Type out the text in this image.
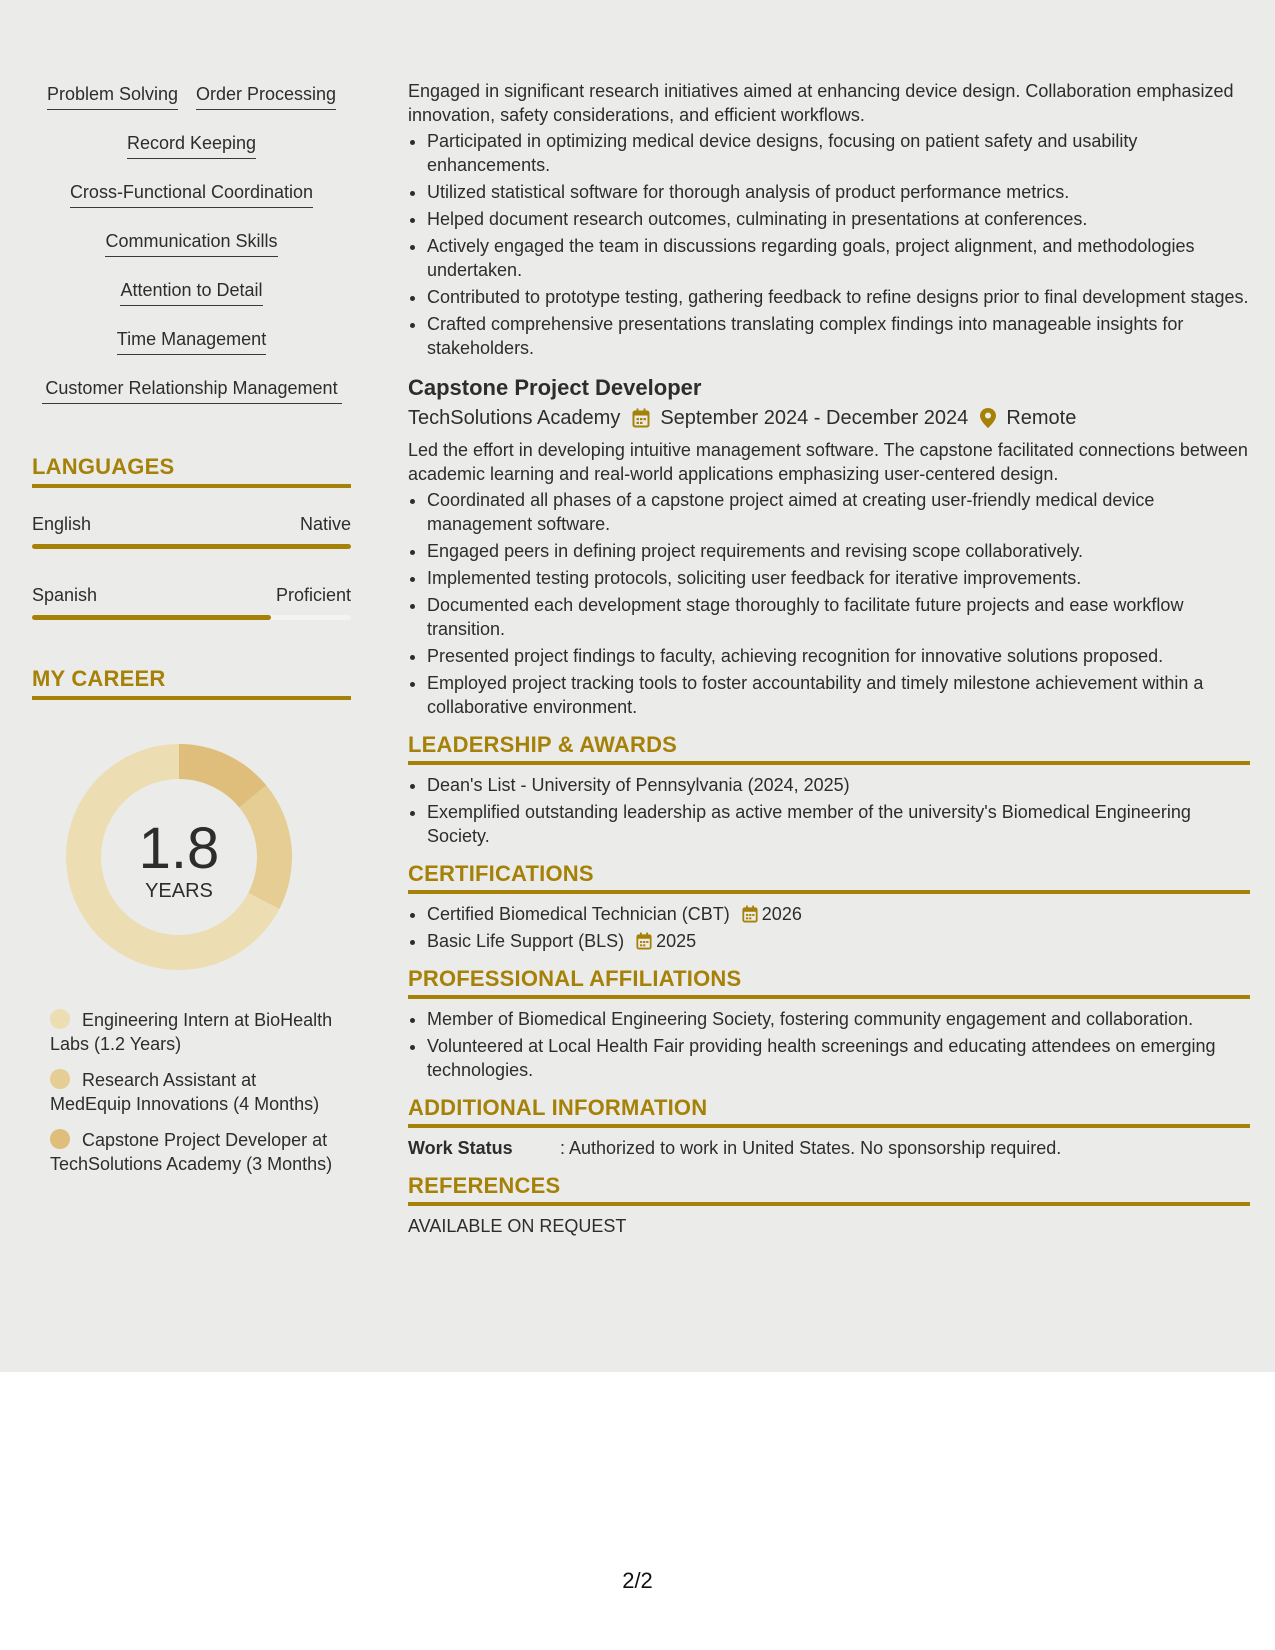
Problem Solving Order Processing
Record Keeping
Cross-Functional Coordination
Communication Skills
Attention to Detail
Time Management
Customer Relationship Management
LANGUAGES
English	Native
Spanish	Proficient
MY CAREER
1.8
YEARS
Engineering Intern at BioHealth Labs (1.2 Years)
Research Assistant at MedEquip Innovations (4 Months)
Capstone Project Developer at TechSolutions Academy (3 Months)

Engaged in significant research initiatives aimed at enhancing device design. Collaboration emphasized innovation, safety considerations, and efficient workflows.

• Participated in optimizing medical device designs, focusing on patient safety and usability enhancements.
• Utilized statistical software for thorough analysis of product performance metrics.
• Helped document research outcomes, culminating in presentations at conferences.
• Actively engaged the team in discussions regarding goals, project alignment, and methodologies undertaken.
• Contributed to prototype testing, gathering feedback to refine designs prior to final development stages.
• Crafted comprehensive presentations translating complex findings into manageable insights for stakeholders.
Capstone Project Developer
TechSolutions Academy September 2024 - December 2024 Remote

Led the effort in developing intuitive management software. The capstone facilitated connections between academic learning and real-world applications emphasizing user-centered design.

• Coordinated all phases of a capstone project aimed at creating user-friendly medical device management software.
• Engaged peers in defining project requirements and revising scope collaboratively.
• Implemented testing protocols, soliciting user feedback for iterative improvements.
• Documented each development stage thoroughly to facilitate future projects and ease workflow transition.
• Presented project findings to faculty, achieving recognition for innovative solutions proposed.
• Employed project tracking tools to foster accountability and timely milestone achievement within a collaborative environment.
LEADERSHIP & AWARDS
• Dean's List - University of Pennsylvania (2024, 2025)
• Exemplified outstanding leadership as active member of the university's Biomedical Engineering Society.
CERTIFICATIONS
• Certified Biomedical Technician (CBT) 2026
• Basic Life Support (BLS) 2025
PROFESSIONAL AFFILIATIONS
• Member of Biomedical Engineering Society, fostering community engagement and collaboration.
• Volunteered at Local Health Fair providing health screenings and educating attendees on emerging technologies.
ADDITIONAL INFORMATION
Work Status	: Authorized to work in United States. No sponsorship required.
REFERENCES
AVAILABLE ON REQUEST
2/2
